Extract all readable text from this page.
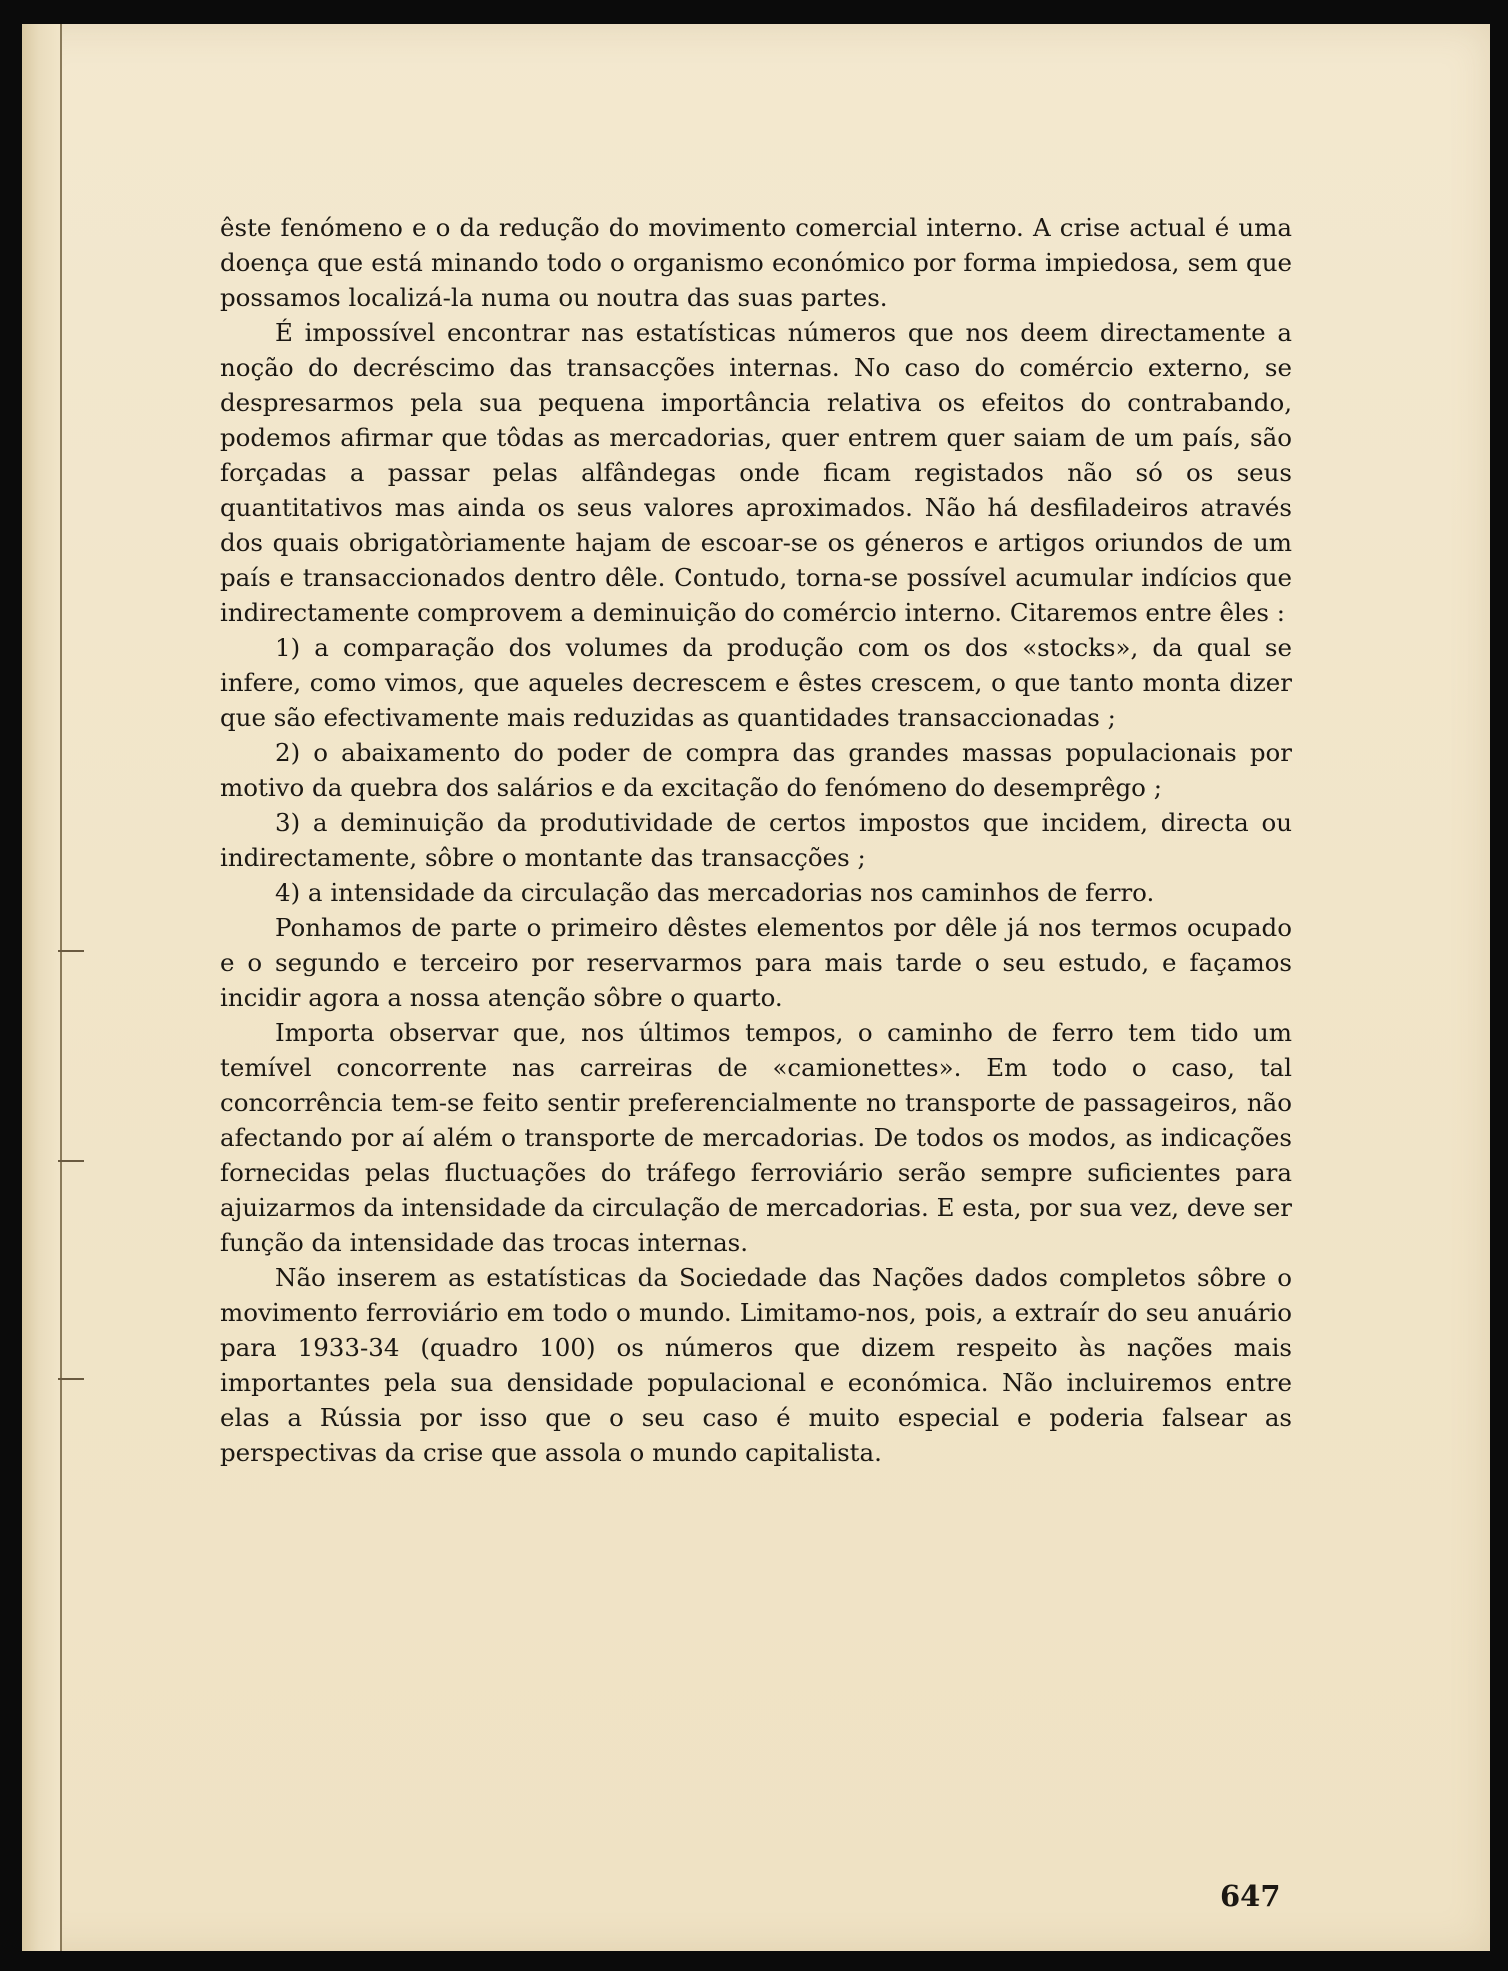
êste fenómeno e o da redução do movimento comercial interno. A crise actual é uma doença que está minando todo o organismo económico por forma impiedosa, sem que possamos localizá-la numa ou noutra das suas partes.

É impossível encontrar nas estatísticas números que nos deem directamente a noção do decréscimo das transacções internas. No caso do comércio externo, se despresarmos pela sua pequena importância relativa os efeitos do contrabando, podemos afirmar que tôdas as mercadorias, quer entrem quer saiam de um país, são forçadas a passar pelas alfândegas onde ficam registados não só os seus quantitativos mas ainda os seus valores aproximados. Não há desfiladeiros através dos quais obrigatòriamente hajam de escoar-se os géneros e artigos oriundos de um país e transaccionados dentro dêle. Contudo, torna-se possível acumular indícios que indirectamente comprovem a deminuição do comércio interno. Citaremos entre êles :

1) a comparação dos volumes da produção com os dos «stocks», da qual se infere, como vimos, que aqueles decrescem e êstes crescem, o que tanto monta dizer que são efectivamente mais reduzidas as quantidades transaccionadas ;

2) o abaixamento do poder de compra das grandes massas populacionais por motivo da quebra dos salários e da excitação do fenómeno do desemprêgo ;

3) a deminuição da produtividade de certos impostos que incidem, directa ou indirectamente, sôbre o montante das transacções ;

4) a intensidade da circulação das mercadorias nos caminhos de ferro.

Ponhamos de parte o primeiro dêstes elementos por dêle já nos termos ocupado e o segundo e terceiro por reservarmos para mais tarde o seu estudo, e façamos incidir agora a nossa atenção sôbre o quarto.

Importa observar que, nos últimos tempos, o caminho de ferro tem tido um temível concorrente nas carreiras de «camionettes». Em todo o caso, tal concorrência tem-se feito sentir preferencialmente no transporte de passageiros, não afectando por aí além o transporte de mercadorias. De todos os modos, as indicações fornecidas pelas fluctuações do tráfego ferroviário serão sempre suficientes para ajuizarmos da intensidade da circulação de mercadorias. E esta, por sua vez, deve ser função da intensidade das trocas internas.

Não inserem as estatísticas da Sociedade das Nações dados completos sôbre o movimento ferroviário em todo o mundo. Limitamo-nos, pois, a extraír do seu anuário para 1933-34 (quadro 100) os números que dizem respeito às nações mais importantes pela sua densidade populacional e económica. Não incluiremos entre elas a Rússia por isso que o seu caso é muito especial e poderia falsear as perspectivas da crise que assola o mundo capitalista.

647
